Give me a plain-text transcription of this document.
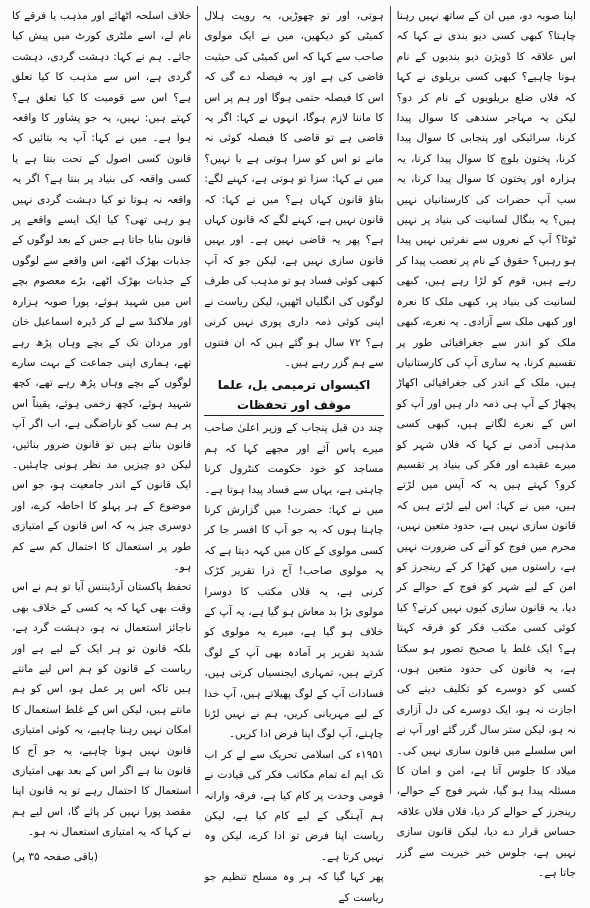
اپنا صوبہ دو، میں ان کے ساتھ نہیں رہنا چاہتا؟ کبھی کسی دیو بندی نے کہا کہ اس علاقہ کا ڈویژن دیو بندیوں کے نام ہونا چاہیے؟ کبھی کسی بریلوی نے کہا کہ فلاں ضلع بریلویوں کے نام کر دو؟ لیکن یہ مہاجر سندھی کا سوال پیدا کرنا، سرائیکی اور پنجابی کا سوال پیدا کرنا، پختون بلوچ کا سوال پیدا کرنا، یہ ہزارہ اور پختون کا سوال پیدا کرنا، یہ سب آپ حضرات کی کارستانیاں نہیں ہیں؟ یہ بنگال لسانیت کی بنیاد پر نہیں ٹوٹا؟ آپ کے نعروں سے نفرتیں نہیں پیدا ہو رہیں؟ حقوق کے نام پر تعصب پیدا کر رہے ہیں، قوم کو لڑا رہے ہیں، کبھی لسانیت کی بنیاد پر، کبھی ملک کا نعرہ اور کبھی ملک سے آزادی۔ یہ نعرے، کبھی ملک کو اندر سے جغرافیائی طور پر تقسیم کرنا، یہ ساری آپ کی کارستانیاں ہیں، ملک کے اندر کی جغرافیائی اکھاڑ پچھاڑ کے آپ ہی ذمہ دار ہیں اور آپ کو اس کے نعرے لگاتے ہیں، کبھی کسی مذہبی آدمی نے کہا کہ فلاں شہر کو میرے عقیدے اور فکر کی بنیاد پر تقسیم کرو؟ کہتے ہیں یہ کہ آپس میں لڑتے ہیں، میں نے کہا: اس لیے لڑتے ہیں کہ قانون سازی نہیں ہے، حدود متعین نہیں، محرم میں فوج کو آنے کی ضرورت نہیں ہے، راستوں میں کھڑا کر کے رینجرز کو امن کے لیے شہر کو فوج کے حوالے کر دیا، یہ قانون سازی کیوں نہیں کرتے؟ کیا کوئی کسی مکتب فکر کو فرقہ کہتا ہے؟ ایک غلط یا صحیح تصور ہو سکتا ہے، یہ قانون کی حدود متعین ہوں، کسی کو دوسرے کو تکلیف دینے کی اجازت نہ ہو، ایک دوسرے کی دل آزاری نہ ہو، لیکن ستر سال گزر گئے اور آپ نے اس سلسلے میں قانون سازی نہیں کی۔ میلاد کا جلوس آتا ہے، امن و امان کا مسئلہ پیدا ہو گیا، شہر فوج کے حوالے، رینجرز کے حوالے کر دیا، فلاں فلاں علاقہ حساس قرار دے دیا، لیکن قانون سازی نہیں ہے، جلوس خیر خیریت سے گزر جاتا ہے۔

ہوتی، اور تو چھوڑیں، یہ رویت ہلال کمیٹی کو دیکھیں، میں نے ایک مولوی صاحب سے کہا کہ اس کمیٹی کی حیثیت قاضی کی ہے اور یہ فیصلہ دے گی کہ اس کا فیصلہ حتمی ہوگا اور ہم پر اس کا ماننا لازم ہوگا، انہوں نے کہا: اگر یہ قاضی ہے تو قاضی کا فیصلہ کوئی نہ مانے تو اس کو سزا ہوتی ہے یا نہیں؟ میں نے کہا: سزا تو ہوتی ہے، کہنے لگے: بتاؤ قانون کہاں ہے؟ میں نے کہا: کہ قانون نہیں ہے، کہنے لگے کہ قانون کہاں ہے؟ پھر یہ قاضی نہیں ہے۔ اور یہیں قانون سازی نہیں ہے، لیکن جو کہ آپ کبھی کوئی فساد ہو تو مذہب کی طرف لوگوں کی انگلیاں اٹھیں، لیکن ریاست نے اپنی کوئی ذمہ داری پوری نہیں کرنی ہے؟ ۷۲ سال ہو گئے ہیں کہ ان فتنوں سے ہم گزر رہے ہیں۔

اکیسواں ترمیمی بل، علما موقف اور تحفظات

چند دن قبل پنجاب کے وزیر اعلیٰ صاحب میرے پاس آئے اور مجھے کہا کہ ہم مساجد کو خود حکومت کنٹرول کرنا چاہتی ہے، یہاں سے فساد پیدا ہوتا ہے۔ میں نے کہا: حضرت! میں گزارش کرنا چاہتا ہوں کہ یہ جو آپ کا افسر جا کر کسی مولوی کے کان میں کہہ دیتا ہے کہ یہ مولوی صاحب! آج ذرا تقریر کڑک کرنی ہے، یہ فلاں مکتب کا دوسرا مولوی بڑا بد معاش ہو گیا ہے، یہ آپ کے خلاف ہو گیا ہے، میرے یہ مولوی کو شدید تقریر پر آمادہ بھی آپ کے لوگ کرتے ہیں، تمہاری ایجنسیاں کرتی ہیں، فسادات آپ کے لوگ پھیلاتے ہیں، آپ خدا کے لیے مہربانی کریں، ہم نے نہیں لڑنا چاہتے، آپ لوگ اپنا فرض ادا کریں۔

۱۹۵۱ء کی اسلامی تحریک سے لے کر اب تک ایم اے تمام مکاتب فکر کی قیادت نے قومی وحدت پر کام کیا ہے، فرقہ وارانہ ہم آہنگی کے لیے کام کیا ہے، لیکن ریاست اپنا فرض تو ادا کرے، لیکن وہ نہیں کرتا ہے۔

پھر کہا گیا کہ ہر وہ مسلح تنظیم جو ریاست کے

خلاف اسلحہ اٹھائے اور مذہب یا فرقے کا نام لے، اسے ملٹری کورٹ میں پیش کیا جائے۔ ہم نے کہا: دہشت گردی، دہشت گردی ہے، اس سے مذہب کا کیا تعلق ہے؟ اس سے قومیت کا کیا تعلق ہے؟ کہتے ہیں: نہیں، یہ جو پشاور کا واقعہ ہوا ہے۔ میں نے کہا: آپ یہ بتائیں کہ قانون کسی اصول کے تحت بنتا ہے یا کسی واقعہ کی بنیاد پر بنتا ہے؟ اگر یہ واقعہ نہ ہوتا تو کیا دہشت گردی نہیں ہو رہی تھی؟ کیا ایک ایسے واقعے پر قانون بنایا جاتا ہے جس کے بعد لوگوں کے جذبات بھڑک اٹھے، اس واقعے سے لوگوں کے جذبات بھڑک اٹھے، بڑے معصوم بچے اس میں شہید ہوئے، پورا صوبہ ہزارہ اور ملاکنڈ سے لے کر ڈیرہ اسماعیل خان اور مردان تک کے بچے وہاں پڑھ رہے تھے، ہماری اپنی جماعت کے بہت سارے لوگوں کے بچے وہاں پڑھ رہے تھے، کچھ شہید ہوئے، کچھ زخمی ہوئے، یقیناً اس پر ہم سب کو ناراضگی ہے، اب اگر آپ قانون بناتے ہیں تو قانون ضرور بنائیں، لیکن دو چیزیں مد نظر ہونی چاہئیں۔ ایک قانون کے اندر جامعیت ہو، جو اس موضوع کے ہر پہلو کا احاطہ کرے، اور دوسری چیز یہ کہ اس قانون کے امتیازی طور پر استعمال کا احتمال کم سے کم ہو۔

تحفظ پاکستان آرڈیننس آیا تو ہم نے اس وقت بھی کہا کہ یہ کسی کے خلاف بھی ناجائز استعمال نہ ہو، دہشت گرد ہے، بلکہ قانون تو ہر ایک کے لیے ہے اور ریاست کے قانون کو ہم اس لیے مانتے ہیں تاکہ اس پر عمل ہو، اس کو ہم مانتے ہیں، لیکن اس کے غلط استعمال کا امکان نہیں رہنا چاہیے، یہ کوئی امتیازی قانون نہیں ہونا چاہیے، یہ جو آج کا قانون بنا ہے اگر اس کے بعد بھی امتیازی استعمال کا احتمال رہے تو یہ قانون اپنا مقصد پورا نہیں کر پائے گا، اس لیے ہم نے کہا کہ یہ امتیازی استعمال نہ ہو۔

(باقی صفحہ ۳۵ پر)
